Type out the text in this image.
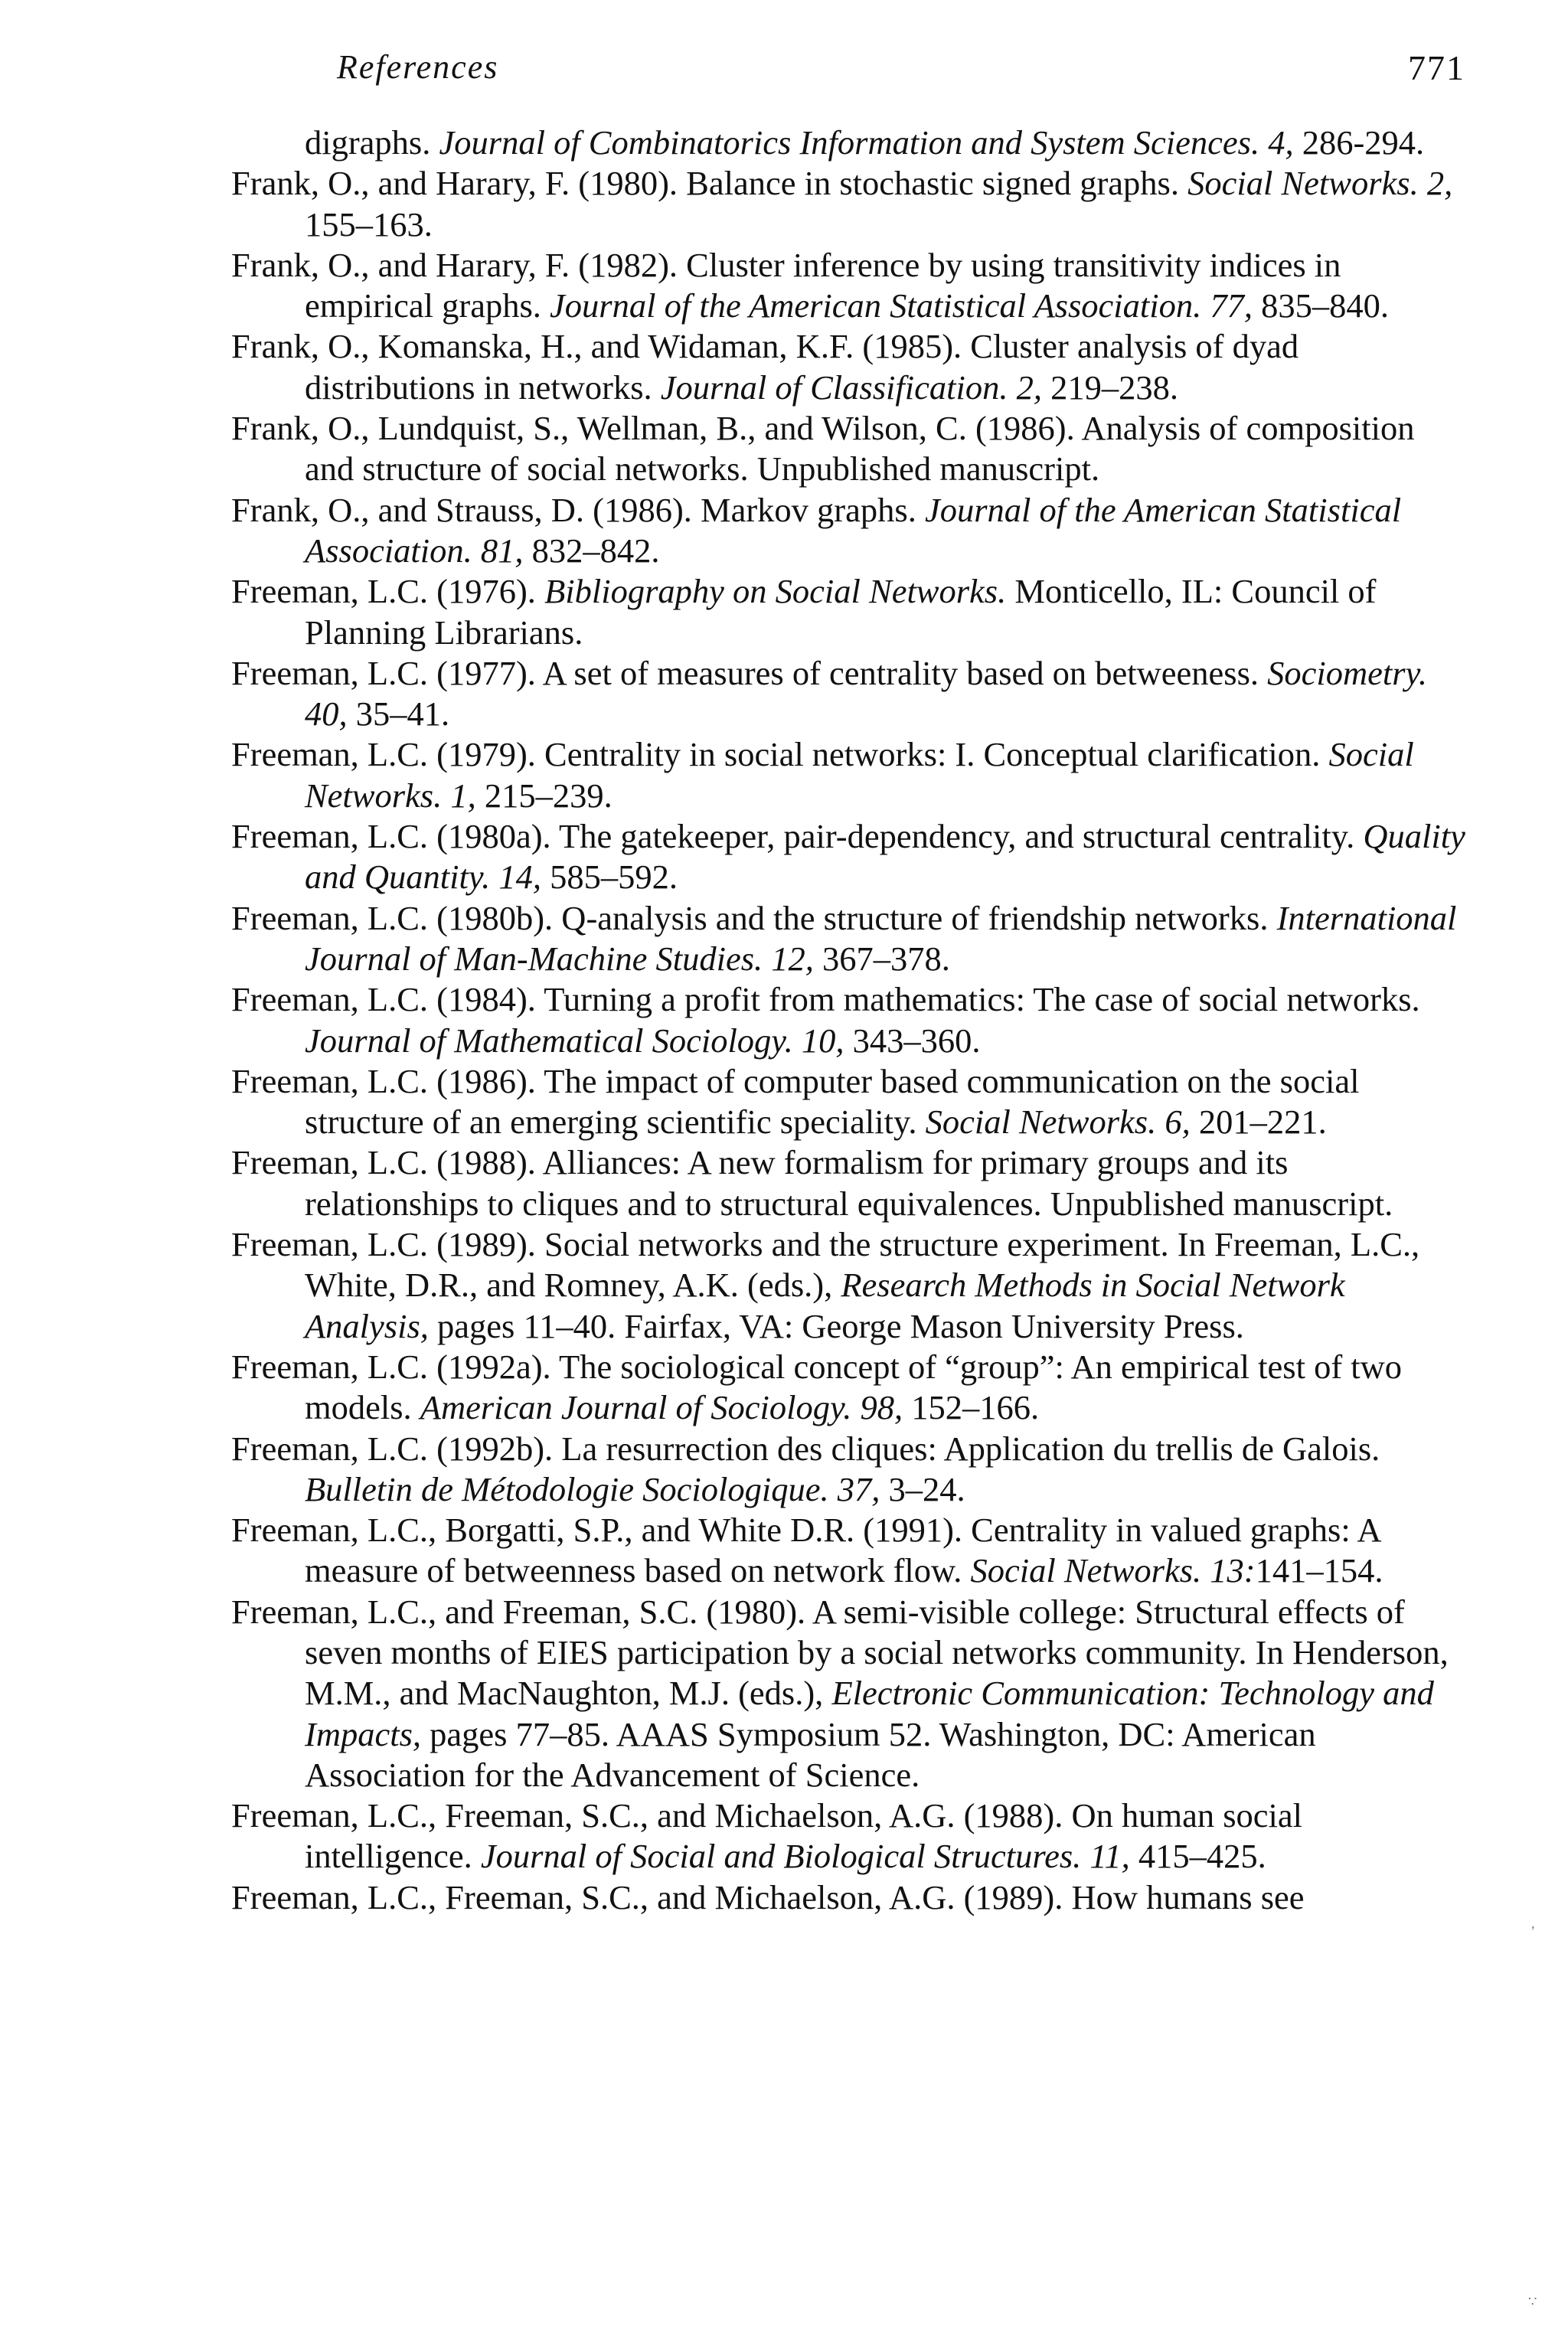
References	771
digraphs. Journal of Combinatorics Information and System Sciences. 4, 286-294.
Frank, O., and Harary, F. (1980). Balance in stochastic signed graphs. Social Networks. 2, 155–163.
Frank, O., and Harary, F. (1982). Cluster inference by using transitivity indices in empirical graphs. Journal of the American Statistical Association. 77, 835–840.
Frank, O., Komanska, H., and Widaman, K.F. (1985). Cluster analysis of dyad distributions in networks. Journal of Classification. 2, 219–238.
Frank, O., Lundquist, S., Wellman, B., and Wilson, C. (1986). Analysis of composition and structure of social networks. Unpublished manuscript.
Frank, O., and Strauss, D. (1986). Markov graphs. Journal of the American Statistical Association. 81, 832–842.
Freeman, L.C. (1976). Bibliography on Social Networks. Monticello, IL: Council of Planning Librarians.
Freeman, L.C. (1977). A set of measures of centrality based on betweeness. Sociometry. 40, 35–41.
Freeman, L.C. (1979). Centrality in social networks: I. Conceptual clarification. Social Networks. 1, 215–239.
Freeman, L.C. (1980a). The gatekeeper, pair-dependency, and structural centrality. Quality and Quantity. 14, 585–592.
Freeman, L.C. (1980b). Q-analysis and the structure of friendship networks. International Journal of Man-Machine Studies. 12, 367–378.
Freeman, L.C. (1984). Turning a profit from mathematics: The case of social networks. Journal of Mathematical Sociology. 10, 343–360.
Freeman, L.C. (1986). The impact of computer based communication on the social structure of an emerging scientific speciality. Social Networks. 6, 201–221.
Freeman, L.C. (1988). Alliances: A new formalism for primary groups and its relationships to cliques and to structural equivalences. Unpublished manuscript.
Freeman, L.C. (1989). Social networks and the structure experiment. In Freeman, L.C., White, D.R., and Romney, A.K. (eds.), Research Methods in Social Network Analysis, pages 11–40. Fairfax, VA: George Mason University Press.
Freeman, L.C. (1992a). The sociological concept of “group”: An empirical test of two models. American Journal of Sociology. 98, 152–166.
Freeman, L.C. (1992b). La resurrection des cliques: Application du trellis de Galois. Bulletin de Métodologie Sociologique. 37, 3–24.
Freeman, L.C., Borgatti, S.P., and White D.R. (1991). Centrality in valued graphs: A measure of betweenness based on network flow. Social Networks. 13:141–154.
Freeman, L.C., and Freeman, S.C. (1980). A semi-visible college: Structural effects of seven months of EIES participation by a social networks community. In Henderson, M.M., and MacNaughton, M.J. (eds.), Electronic Communication: Technology and Impacts, pages 77–85. AAAS Symposium 52. Washington, DC: American Association for the Advancement of Science.
Freeman, L.C., Freeman, S.C., and Michaelson, A.G. (1988). On human social intelligence. Journal of Social and Biological Structures. 11, 415–425.
Freeman, L.C., Freeman, S.C., and Michaelson, A.G. (1989). How humans see
,
∵
